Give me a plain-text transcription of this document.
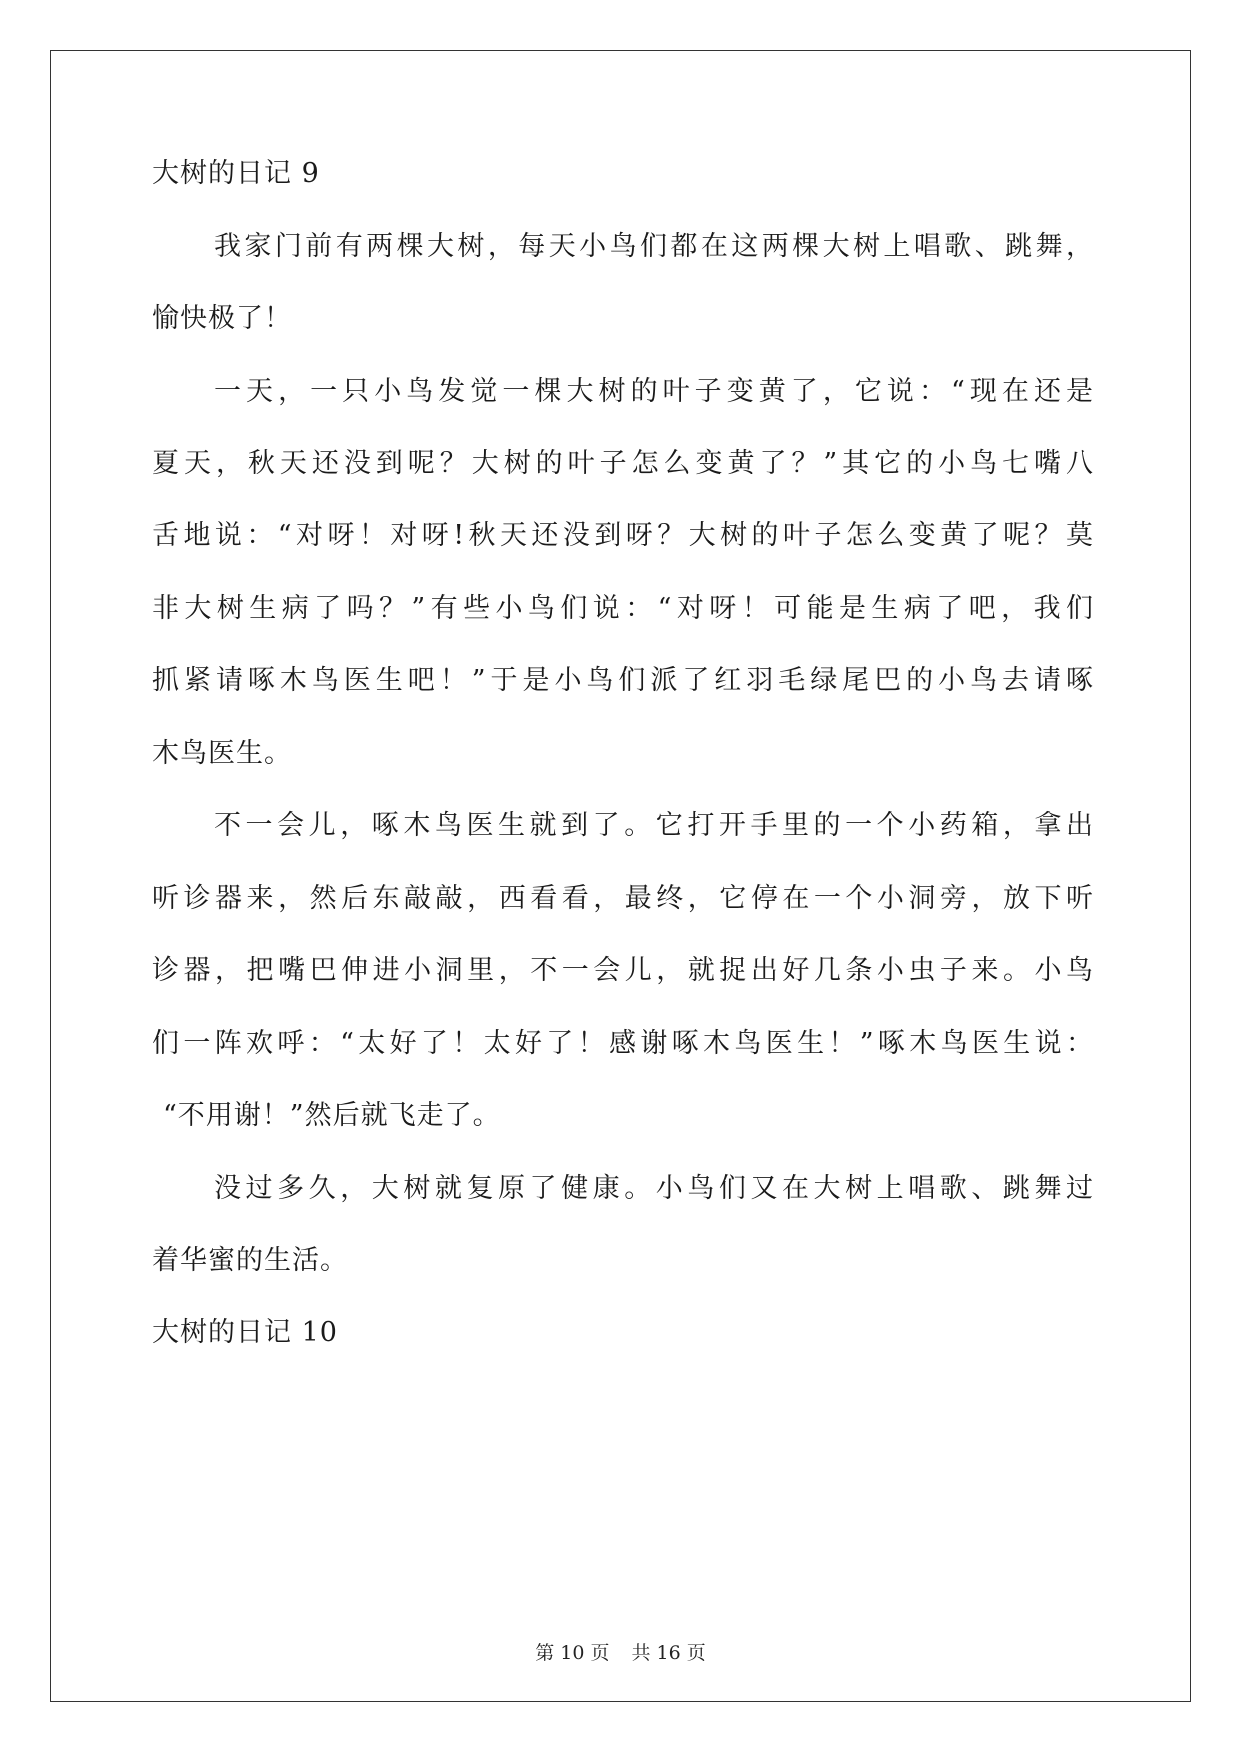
大树的日记 9
我家门前有两棵大树，每天小鸟们都在这两棵大树上唱歌、跳舞，
愉快极了！
一天，一只小鸟发觉一棵大树的叶子变黄了，它说：“现在还是
夏天，秋天还没到呢？大树的叶子怎么变黄了？”其它的小鸟七嘴八
舌地说：“对呀！对呀!秋天还没到呀？大树的叶子怎么变黄了呢？莫
非大树生病了吗？”有些小鸟们说：“对呀！可能是生病了吧，我们
抓紧请啄木鸟医生吧！”于是小鸟们派了红羽毛绿尾巴的小鸟去请啄
木鸟医生。
不一会儿，啄木鸟医生就到了。它打开手里的一个小药箱，拿出
听诊器来，然后东敲敲，西看看，最终，它停在一个小洞旁，放下听
诊器，把嘴巴伸进小洞里，不一会儿，就捉出好几条小虫子来。小鸟
们一阵欢呼：“太好了！太好了！感谢啄木鸟医生！”啄木鸟医生说：
“不用谢！”然后就飞走了。
没过多久，大树就复原了健康。小鸟们又在大树上唱歌、跳舞过
着华蜜的生活。
大树的日记 10
第 10 页 共 16 页
